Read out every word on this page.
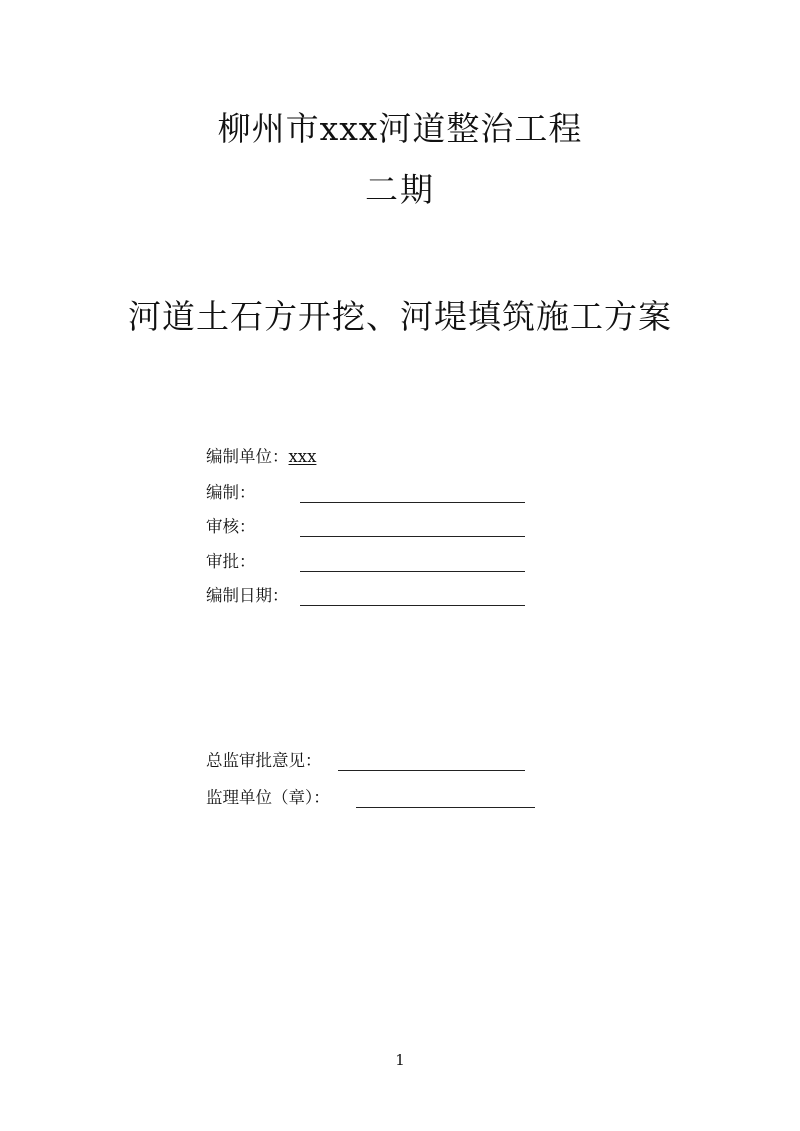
柳州市xxx河道整治工程
二期
河道土石方开挖、河堤填筑施工方案
编制单位：xxx
编制：
审核：
审批：
编制日期：
总监审批意见：
监理单位（章）：
1
